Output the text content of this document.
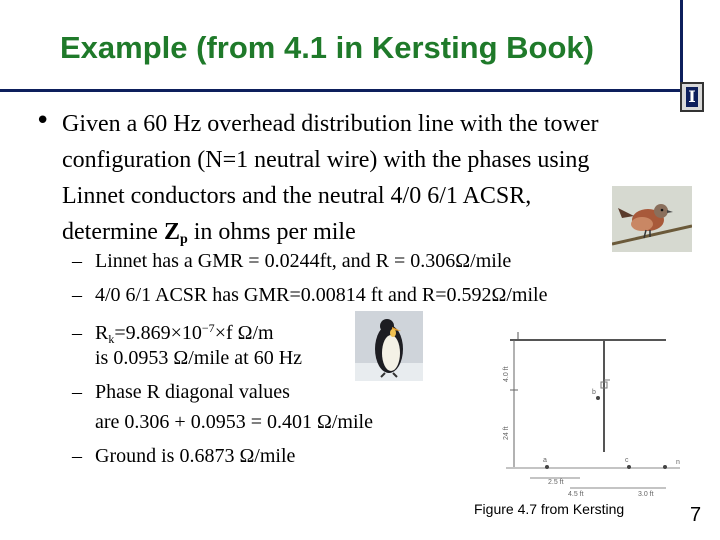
Example (from 4.1 in Kersting Book)
I
• Given a 60 Hz overhead distribution line with the tower
configuration (N=1 neutral wire) with the phases using
Linnet conductors and the neutral 4/0 6/1 ACSR,
determine $Z_p$ in ohms per mile
– Linnet has a GMR = 0.0244ft, and R = 0.306Ω/mile
– 4/0 6/1 ACSR has GMR=0.00814 ft and R=0.592Ω/mile
– $R_k=9.869\times 10^{-7}\times f$ Ω/m
is 0.0953 Ω/mile at 60 Hz
– Phase R diagonal values
are 0.306 + 0.0953 = 0.401 Ω/mile
– Ground is 0.6873 Ω/mile
4.0 ft
24 ft
2.5 ft
4.5 ft	3.0 ft
a
b
c	n
Figure 4.7 from Kersting	7
